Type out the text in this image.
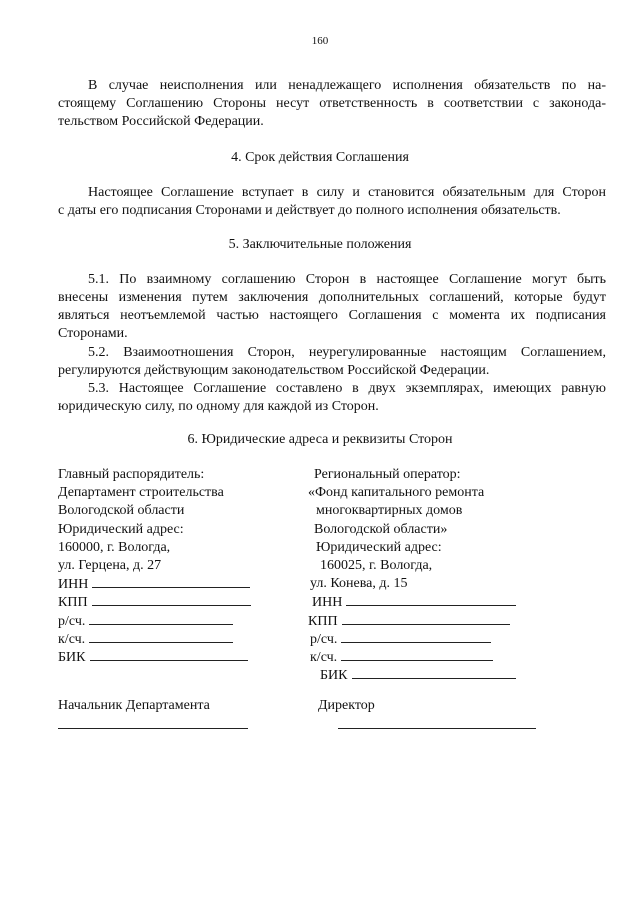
160
В случае неисполнения или ненадлежащего исполнения обязательств по на-
стоящему Соглашению Стороны несут ответственность в соответствии с законода-
тельством Российской Федерации.
4. Срок действия Соглашения
Настоящее Соглашение вступает в силу и становится обязательным для Сторон
с даты его подписания Сторонами и действует до полного исполнения обязательств.
5. Заключительные положения
5.1. По взаимному соглашению Сторон в настоящее Соглашение могут быть
внесены изменения путем заключения дополнительных соглашений, которые будут
являться неотъемлемой частью настоящего Соглашения с момента их подписания
Сторонами.
5.2. Взаимоотношения Сторон, неурегулированные настоящим Соглашением,
регулируются действующим законодательством Российской Федерации.
5.3. Настоящее Соглашение составлено в двух экземплярах, имеющих равную
юридическую силу, по одному для каждой из Сторон.
6. Юридические адреса и реквизиты Сторон
Главный распорядитель:
Департамент строительства
Вологодской области
Юридический адрес:
160000, г. Вологда,
ул. Герцена, д. 27
ИНН
КПП
р/сч.
к/сч.
БИК
Региональный оператор:
«Фонд капитального ремонта
многоквартирных домов
Вологодской области»
Юридический адрес:
160025, г. Вологда,
ул. Конева, д. 15
ИНН
КПП
р/сч.
к/сч.
БИК
Начальник Департамента	Директор
